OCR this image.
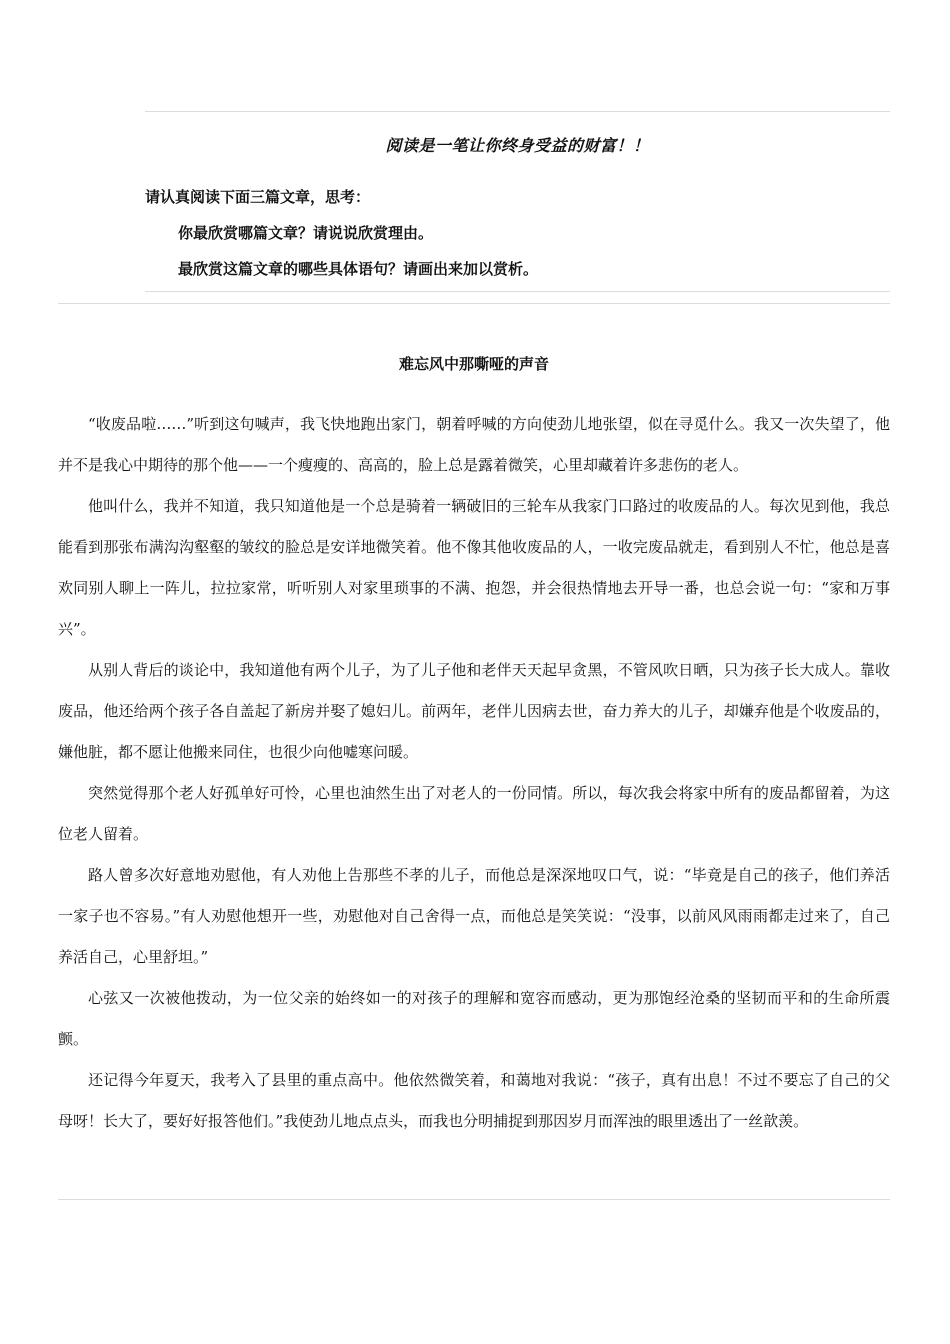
阅读是一笔让你终身受益的财富！！
请认真阅读下面三篇文章，思考：
你最欣赏哪篇文章？请说说欣赏理由。
最欣赏这篇文章的哪些具体语句？请画出来加以赏析。
难忘风中那嘶哑的声音

“收废品啦……”听到这句喊声，我飞快地跑出家门，朝着呼喊的方向使劲儿地张望，似在寻觅什么。我又一次失望了，他并不是我心中期待的那个他——一个瘦瘦的、高高的，脸上总是露着微笑，心里却藏着许多悲伤的老人。

他叫什么，我并不知道，我只知道他是一个总是骑着一辆破旧的三轮车从我家门口路过的收废品的人。每次见到他，我总能看到那张布满沟沟壑壑的皱纹的脸总是安详地微笑着。他不像其他收废品的人，一收完废品就走，看到别人不忙，他总是喜欢同别人聊上一阵儿，拉拉家常，听听别人对家里琐事的不满、抱怨，并会很热情地去开导一番，也总会说一句：“家和万事兴”。

从别人背后的谈论中，我知道他有两个儿子，为了儿子他和老伴天天起早贪黑，不管风吹日晒，只为孩子长大成人。靠收废品，他还给两个孩子各自盖起了新房并娶了媳妇儿。前两年，老伴儿因病去世，奋力养大的儿子，却嫌弃他是个收废品的，嫌他脏，都不愿让他搬来同住，也很少向他嘘寒问暖。

突然觉得那个老人好孤单好可怜，心里也油然生出了对老人的一份同情。所以，每次我会将家中所有的废品都留着，为这位老人留着。

路人曾多次好意地劝慰他，有人劝他上告那些不孝的儿子，而他总是深深地叹口气，说：“毕竟是自己的孩子，他们养活一家子也不容易。”有人劝慰他想开一些，劝慰他对自己舍得一点，而他总是笑笑说：“没事，以前风风雨雨都走过来了，自己养活自己，心里舒坦。”

心弦又一次被他拨动，为一位父亲的始终如一的对孩子的理解和宽容而感动，更为那饱经沧桑的坚韧而平和的生命所震颤。

还记得今年夏天，我考入了县里的重点高中。他依然微笑着，和蔼地对我说：“孩子，真有出息！不过不要忘了自己的父母呀！长大了，要好好报答他们。”我使劲儿地点点头，而我也分明捕捉到那因岁月而浑浊的眼里透出了一丝歆羡。
